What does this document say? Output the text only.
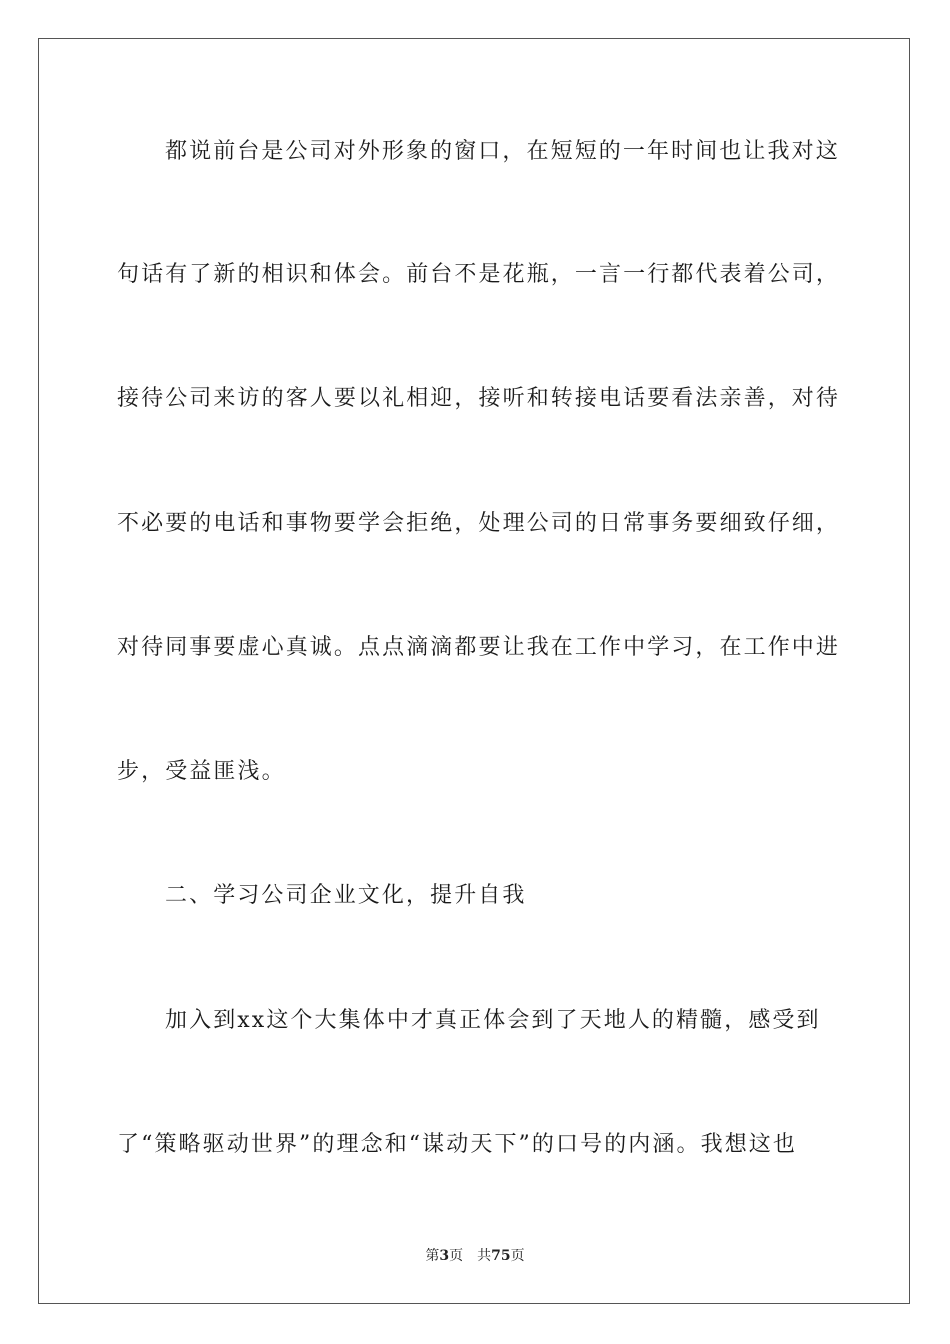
都说前台是公司对外形象的窗口，在短短的一年时间也让我对这
句话有了新的相识和体会。前台不是花瓶，一言一行都代表着公司，
接待公司来访的客人要以礼相迎，接听和转接电话要看法亲善，对待
不必要的电话和事物要学会拒绝，处理公司的日常事务要细致仔细，
对待同事要虚心真诚。点点滴滴都要让我在工作中学习，在工作中进
步，受益匪浅。
二、学习公司企业文化，提升自我
加入到xx这个大集体中才真正体会到了天地人的精髓，感受到
了“策略驱动世界”的理念和“谋动天下”的口号的内涵。我想这也
第3页 共75页
